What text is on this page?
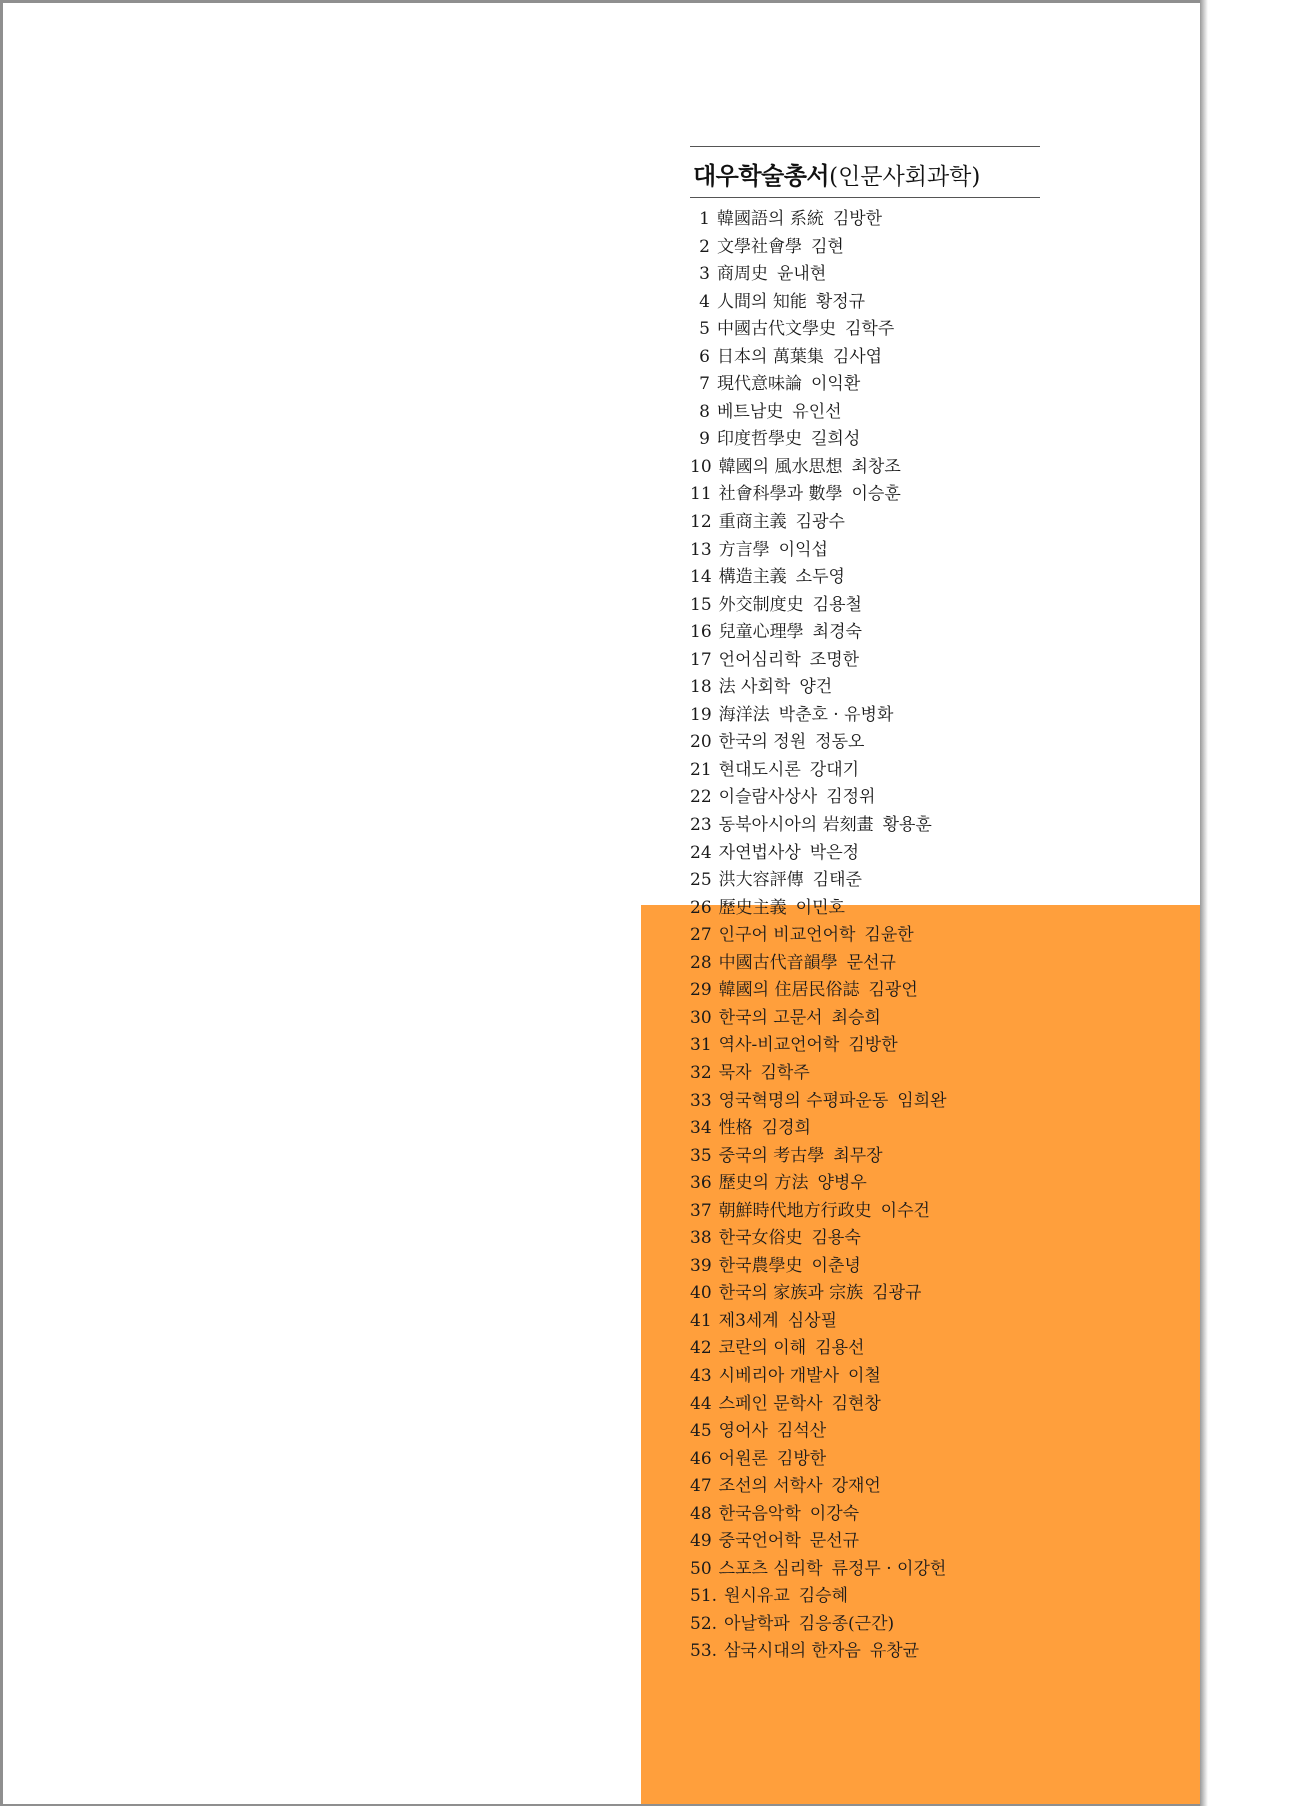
대우학술총서(인문사회과학)
1 韓國語의 系統 김방한
2 文學社會學 김현
3 商周史 윤내현
4 人間의 知能 황정규
5 中國古代文學史 김학주
6 日本의 萬葉集 김사엽
7 現代意味論 이익환
8 베트남史 유인선
9 印度哲學史 길희성
10 韓國의 風水思想 최창조
11 社會科學과 數學 이승훈
12 重商主義 김광수
13 方言學 이익섭
14 構造主義 소두영
15 外交制度史 김용철
16 兒童心理學 최경숙
17 언어심리학 조명한
18 法 사회학 양건
19 海洋法 박춘호 · 유병화
20 한국의 정원 정동오
21 현대도시론 강대기
22 이슬람사상사 김정위
23 동북아시아의 岩刻畫 황용훈
24 자연법사상 박은정
25 洪大容評傳 김태준
26 歷史主義 이민호
27 인구어 비교언어학 김윤한
28 中國古代音韻學 문선규
29 韓國의 住居民俗誌 김광언
30 한국의 고문서 최승희
31 역사-비교언어학 김방한
32 묵자 김학주
33 영국혁명의 수평파운동 임희완
34 性格 김경희
35 중국의 考古學 최무장
36 歷史의 方法 양병우
37 朝鮮時代地方行政史 이수건
38 한국女俗史 김용숙
39 한국農學史 이춘녕
40 한국의 家族과 宗族 김광규
41 제3세계 심상필
42 코란의 이해 김용선
43 시베리아 개발사 이철
44 스페인 문학사 김현창
45 영어사 김석산
46 어원론 김방한
47 조선의 서학사 강재언
48 한국음악학 이강숙
49 중국언어학 문선규
50 스포츠 심리학 류정무 · 이강헌
51. 원시유교 김승혜
52. 아날학파 김응종(근간)
53. 삼국시대의 한자음 유창균
